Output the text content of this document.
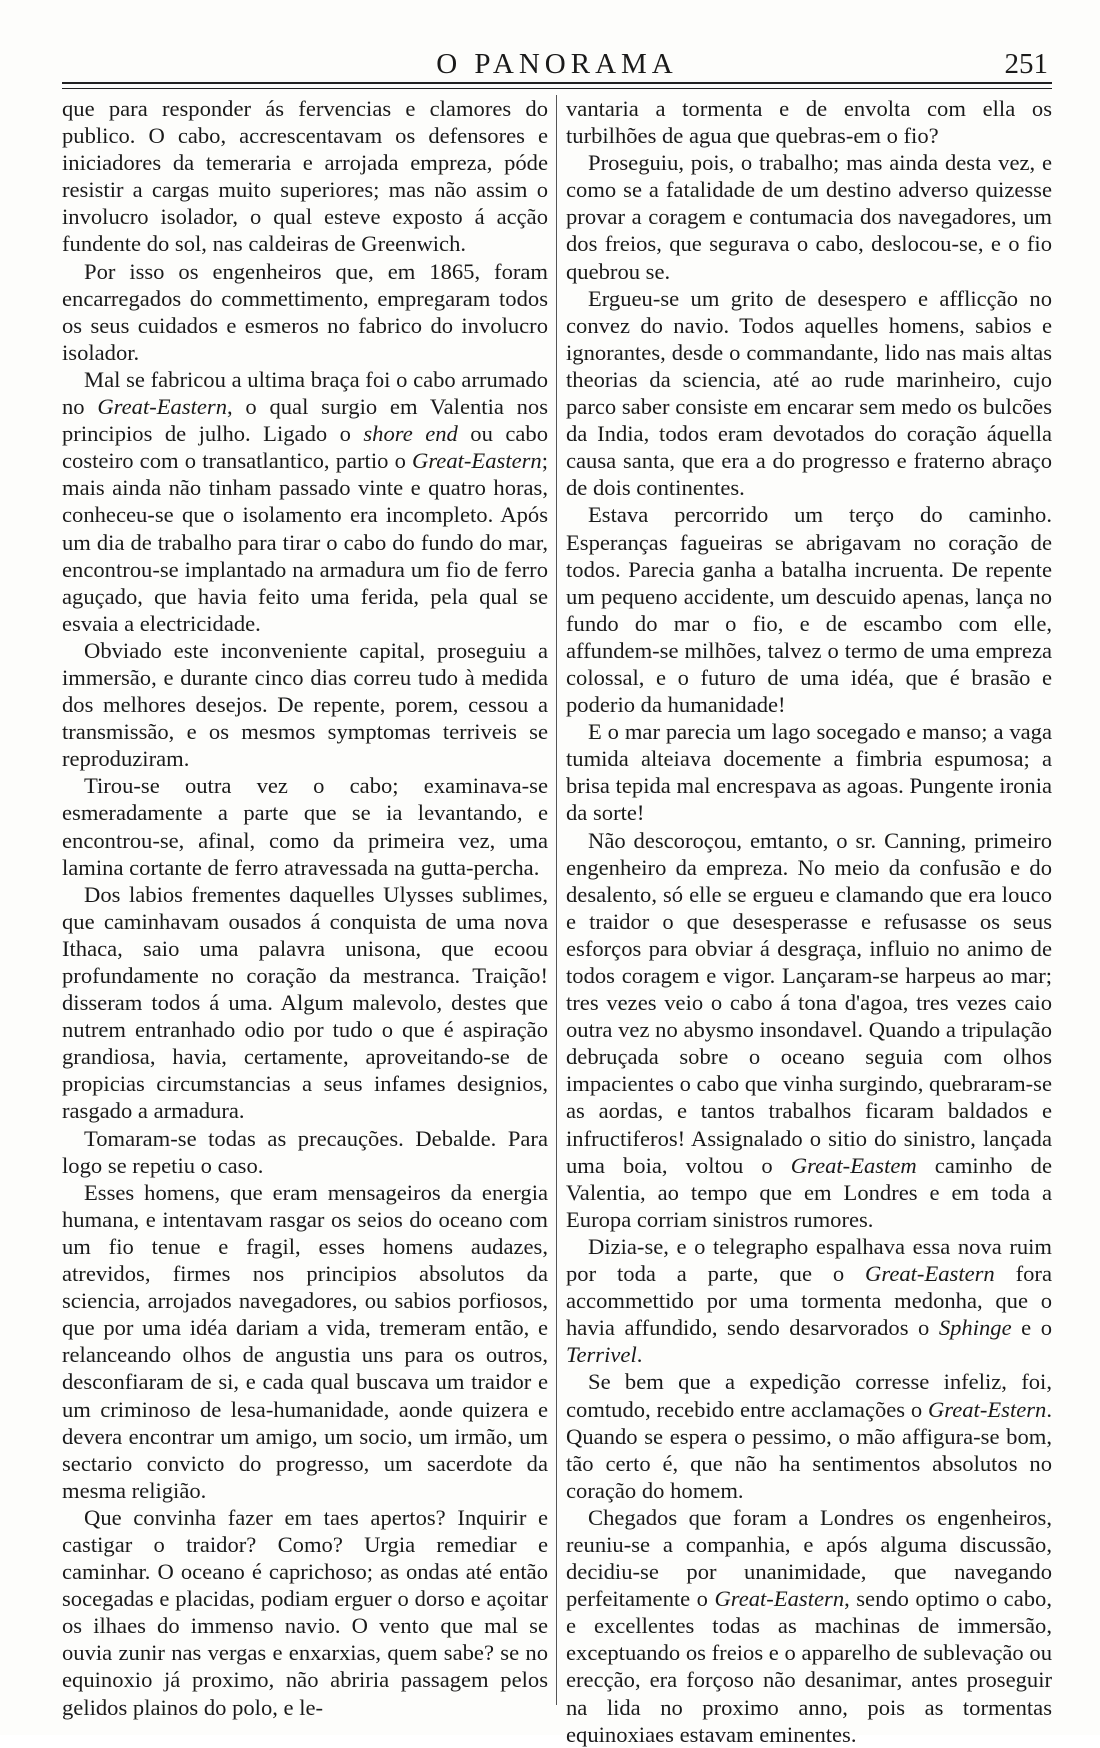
O PANORAMA	251

que para responder ás fervencias e clamores do publico. O cabo, accrescentavam os defensores e iniciadores da temeraria e arrojada empreza, póde resistir a cargas muito superiores; mas não assim o involucro isolador, o qual esteve exposto á acção fundente do sol, nas caldeiras de Greenwich.

Por isso os engenheiros que, em 1865, foram encarregados do commettimento, empregaram todos os seus cuidados e esmeros no fabrico do involucro isolador.

Mal se fabricou a ultima braça foi o cabo arrumado no Great-Eastern, o qual surgio em Valentia nos principios de julho. Ligado o shore end ou cabo costeiro com o transatlantico, partio o Great-Eastern; mais ainda não tinham passado vinte e quatro horas, conheceu-se que o isolamento era incompleto. Após um dia de trabalho para tirar o cabo do fundo do mar, encontrou-se implantado na armadura um fio de ferro aguçado, que havia feito uma ferida, pela qual se esvaia a electricidade.

Obviado este inconveniente capital, proseguiu a immersão, e durante cinco dias correu tudo à medida dos melhores desejos. De repente, porem, cessou a transmissão, e os mesmos symptomas terriveis se reproduziram.

Tirou-se outra vez o cabo; examinava-se esmeradamente a parte que se ia levantando, e encontrou-se, afinal, como da primeira vez, uma lamina cortante de ferro atravessada na gutta-percha.

Dos labios frementes daquelles Ulysses sublimes, que caminhavam ousados á conquista de uma nova Ithaca, saio uma palavra unisona, que ecoou profundamente no coração da mestranca. Traição! disseram todos á uma. Algum malevolo, destes que nutrem entranhado odio por tudo o que é aspiração grandiosa, havia, certamente, aproveitando-se de propicias circumstancias a seus infames designios, rasgado a armadura.

Tomaram-se todas as precauções. Debalde. Para logo se repetiu o caso.

Esses homens, que eram mensageiros da energia humana, e intentavam rasgar os seios do oceano com um fio tenue e fragil, esses homens audazes, atrevidos, firmes nos principios absolutos da sciencia, arrojados navegadores, ou sabios porfiosos, que por uma idéa dariam a vida, tremeram então, e relanceando olhos de angustia uns para os outros, desconfiaram de si, e cada qual buscava um traidor e um criminoso de lesa-humanidade, aonde quizera e devera encontrar um amigo, um socio, um irmão, um sectario convicto do progresso, um sacerdote da mesma religião.

Que convinha fazer em taes apertos? Inquirir e castigar o traidor? Como? Urgia remediar e caminhar. O oceano é caprichoso; as ondas até então socegadas e placidas, podiam erguer o dorso e açoitar os ilhaes do immenso navio. O vento que mal se ouvia zunir nas vergas e enxarxias, quem sabe? se no equinoxio já proximo, não abriria passagem pelos gelidos plainos do polo, e le-

vantaria a tormenta e de envolta com ella os turbilhões de agua que quebras-em o fio?

Proseguiu, pois, o trabalho; mas ainda desta vez, e como se a fatalidade de um destino adverso quizesse provar a coragem e contumacia dos navegadores, um dos freios, que segurava o cabo, deslocou-se, e o fio quebrou se.

Ergueu-se um grito de desespero e afflicção no convez do navio. Todos aquelles homens, sabios e ignorantes, desde o commandante, lido nas mais altas theorias da sciencia, até ao rude marinheiro, cujo parco saber consiste em encarar sem medo os bulcões da India, todos eram devotados do coração áquella causa santa, que era a do progresso e fraterno abraço de dois continentes.

Estava percorrido um terço do caminho. Esperanças fagueiras se abrigavam no coração de todos. Parecia ganha a batalha incruenta. De repente um pequeno accidente, um descuido apenas, lança no fundo do mar o fio, e de escambo com elle, affundem-se milhões, talvez o termo de uma empreza colossal, e o futuro de uma idéa, que é brasão e poderio da humanidade!

E o mar parecia um lago socegado e manso; a vaga tumida alteiava docemente a fimbria espumosa; a brisa tepida mal encrespava as agoas. Pungente ironia da sorte!

Não descoroçou, emtanto, o sr. Canning, primeiro engenheiro da empreza. No meio da confusão e do desalento, só elle se ergueu e clamando que era louco e traidor o que desesperasse e refusasse os seus esforços para obviar á desgraça, influio no animo de todos coragem e vigor. Lançaram-se harpeus ao mar; tres vezes veio o cabo á tona d'agoa, tres vezes caio outra vez no abysmo insondavel. Quando a tripulação debruçada sobre o oceano seguia com olhos impacientes o cabo que vinha surgindo, quebraram-se as aordas, e tantos trabalhos ficaram baldados e infructiferos! Assignalado o sitio do sinistro, lançada uma boia, voltou o Great-Eastem caminho de Valentia, ao tempo que em Londres e em toda a Europa corriam sinistros rumores.

Dizia-se, e o telegrapho espalhava essa nova ruim por toda a parte, que o Great-Eastern fora accommettido por uma tormenta medonha, que o havia affundido, sendo desarvorados o Sphinge e o Terrivel.

Se bem que a expedição corresse infeliz, foi, comtudo, recebido entre acclamações o Great-Estern. Quando se espera o pessimo, o mão affigura-se bom, tão certo é, que não ha sentimentos absolutos no coração do homem.

Chegados que foram a Londres os engenheiros, reuniu-se a companhia, e após alguma discussão, decidiu-se por unanimidade, que navegando perfeitamente o Great-Eastern, sendo optimo o cabo, e excellentes todas as machinas de immersão, exceptuando os freios e o apparelho de sublevação ou erecção, era forçoso não desanimar, antes proseguir na lida no proximo anno, pois as tormentas equinoxiaes estavam eminentes.
